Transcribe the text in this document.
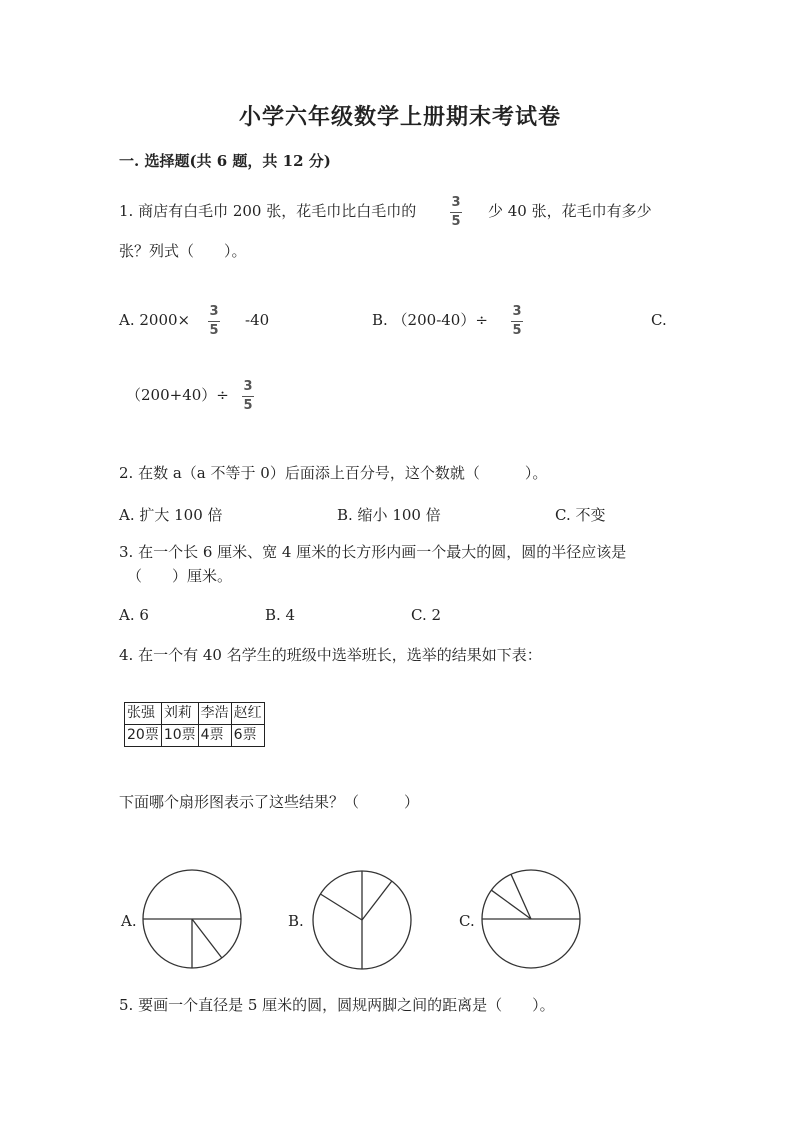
小学六年级数学上册期末考试卷
一. 选择题(共 6 题，共 12 分)
1. 商店有白毛巾 200 张，花毛巾比白毛巾的	3
5
少 40 张，花毛巾有多少
张？列式（　　）。
A. 2000× 3
5
-40	B. （200-40）÷ 3
5
C.
（200+40）÷ 3
5
2. 在数 a（a 不等于 0）后面添上百分号，这个数就（　　　）。
A. 扩大 100 倍	B. 缩小 100 倍	C. 不变
3. 在一个长 6 厘米、宽 4 厘米的长方形内画一个最大的圆，圆的半径应该是
（　　）厘米。
A. 6	B. 4	C. 2
4. 在一个有 40 名学生的班级中选举班长，选举的结果如下表：
张强	刘莉	李浩	赵红
20票	10票	4票	6票
下面哪个扇形图表示了这些结果？（　　　）
A.	B.	C.
5. 要画一个直径是 5 厘米的圆，圆规两脚之间的距离是（　　）。
